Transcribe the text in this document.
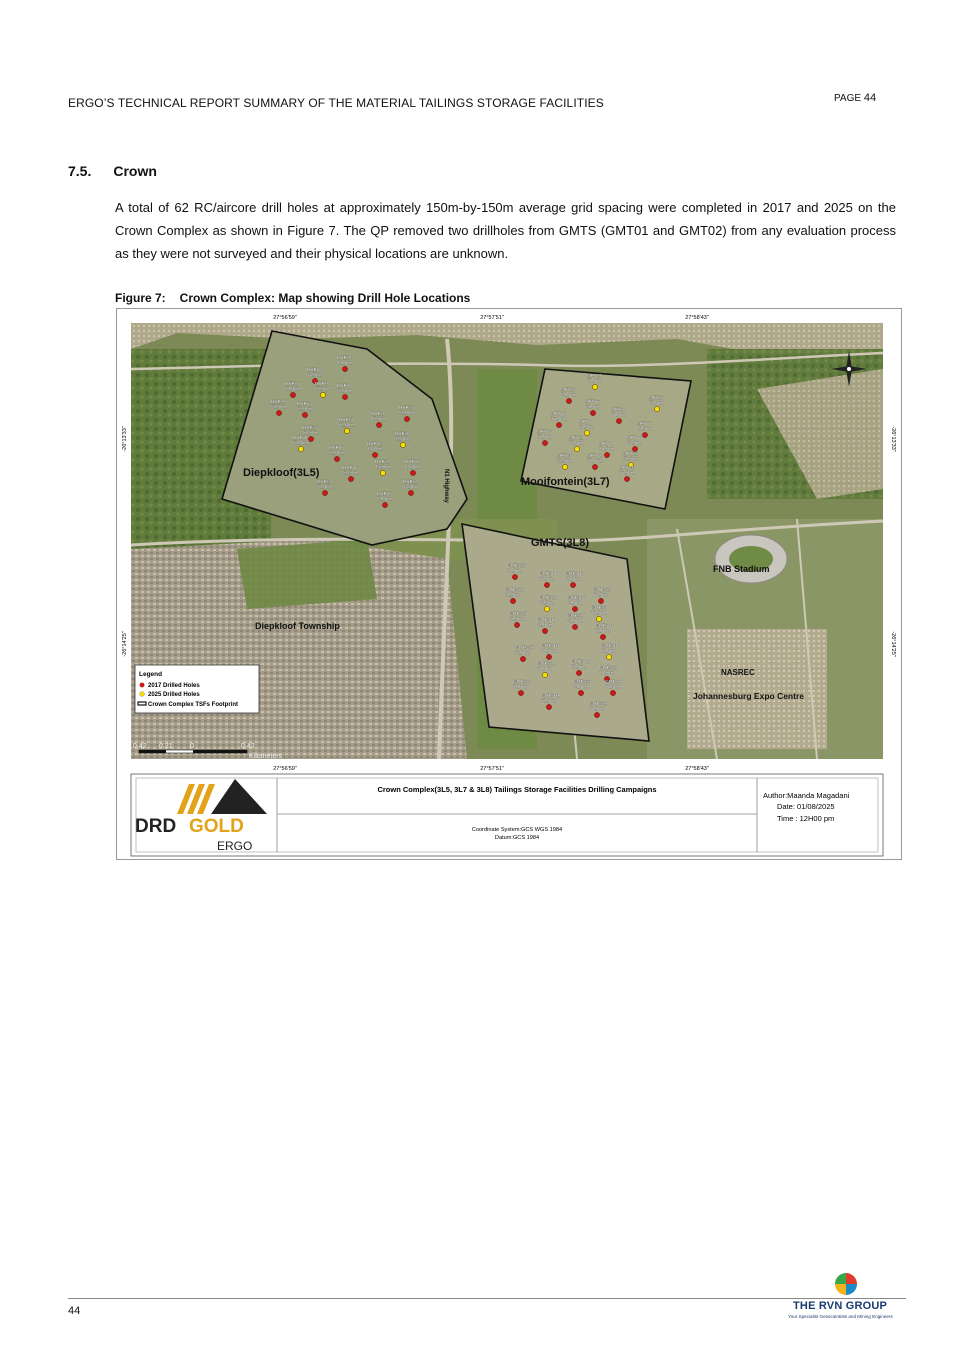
ERGO’S TECHNICAL REPORT SUMMARY OF THE MATERIAL TAILINGS STORAGE FACILITIES	PAGE 44
7.5. Crown
A total of 62 RC/aircore drill holes at approximately 150m-by-150m average grid spacing were completed in 2017 and 2025 on the Crown Complex as shown in Figure 7. The QP removed two drillholes from GMTS (GMT01 and GMT02) from any evaluation process as they were not surveyed and their physical locations are unknown.
Figure 7: Crown Complex: Map showing Drill Hole Locations
27°56'59"	27°57'51"	27°58'43"
27°56'59"	27°57'51"	27°58'43"
-26°13'33"
-26°14'25"
-26°13'33"
-26°14'25"
Diepkloof(3L5)
Mooifontein(3L7)
GMTS(3L8)
Diepkloof Township
FNB Stadium
NASREC
Johannesburg Expo Centre
N1 Highway
DKF14
49,00m
DKF08
58,50m
DKF16
54,00m
DKF19
55,50m
DKF09
57,00m
DKF15
57,50m
DKF03
51,00m
DKF10
45,00m
DKF13
51,00m
DKF17
51,00m
DKF23
52,50m	DKF20
51,00m
DKF04
57,00m	DKF02
48,00m
DKF05
51,00m
DKF21
46,50m
DKF01
48,00m
DKF06
52,50m
DKF11
57,00m
DKF12
48,00m
DKF07
54,00m
MFT17
57,00m
MFT18
54,00m
MFT16
57,00m
MFT06
63,00m
MFT05
36,00m
MFT10
60,00m
MFT04
28,50m
MFT07
49,50m
MFT03
57,00m	MFT11
75,00m
MFT08
73,50m
MFT09
70,50m
MFT13
72,50m
MFT02
75,00m
MFT12
55,50m
MFT01
76,50m
GMTS15
94,50m
GMTS04
66,00m
GMTS05
87,00m
GMTS16
91,50m
GMTS13
78,50m
GMTS19
85,50m
GMTS06
84,00m
GMTS20
76,50m
GMTS17
82,50m	GMTS07
81,00m
GMTS14
82,50m
GMTS08
72,00m
GMTS25
72,00m
GMTS03
70,50m
GMTS09
72,00m
GMTS24
60,00m
GMTS02
55,50m	GMTS12
70,50m
GMTS18
75,00m
GMTS23
54,00m
GMTS10
70,50m
GMTS01
67,50m
GMTS11
70,50m
Legend
2017 Drilled Holes
2025 Drilled Holes
Crown Complex TSFs Footprint
0.42 0.21 0	0.42
Kilometers
DRD GOLD
ERGO
Crown Complex(3L5, 3L7 & 3L8) Tailings Storage Facilities Drilling Campaigns
Coordinate System:GCS WGS 1984
Datum:GCS 1984
Author:Maanda Magadani
Date: 01/08/2025
Time : 12H00 pm
44	THE RVN GROUP
Your Specialist Geoscientists and Mining Engineers
